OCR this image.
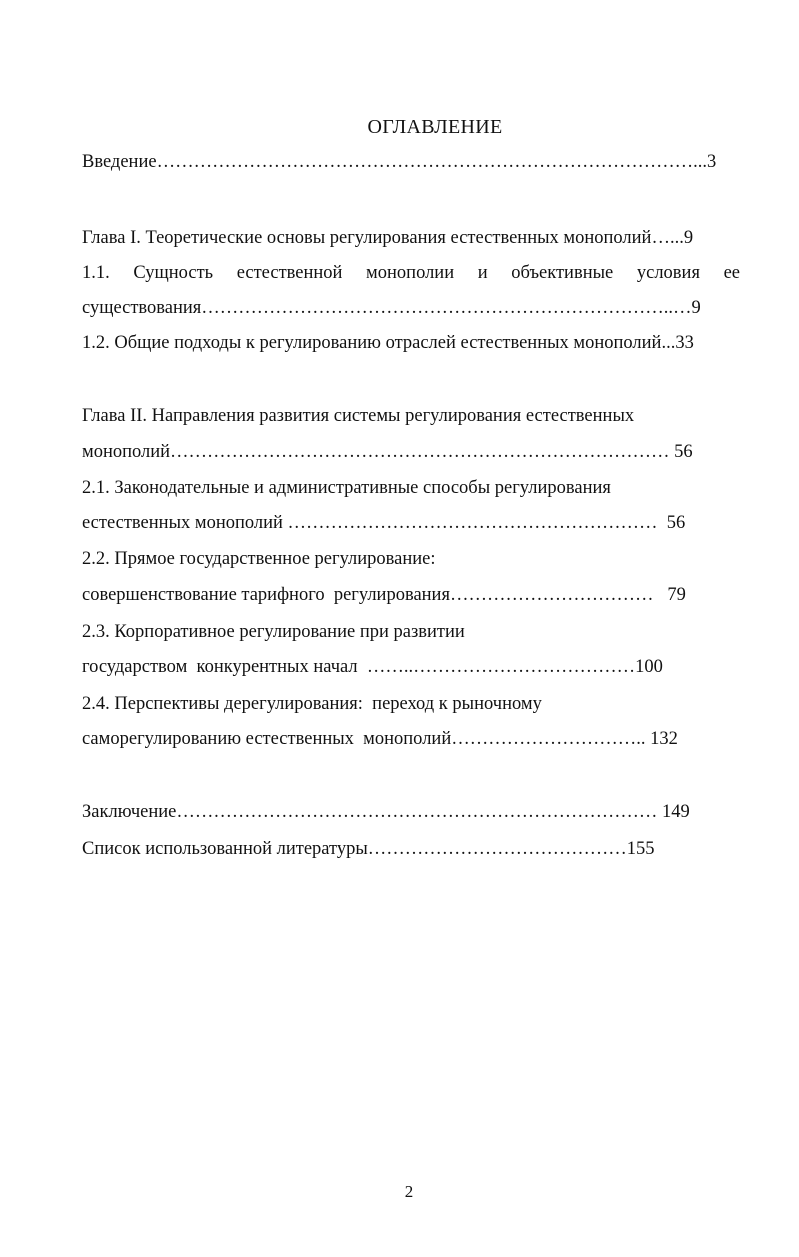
ОГЛАВЛЕНИЕ
Введение……………………………………………………………………………...3
Глава I. Теоретические основы регулирования естественных монополий…...9
1.1. Сущность естественной монополии и объективные условия ее
существования…………………………………………………………………..…9
1.2. Общие подходы к регулированию отраслей естественных монополий...33
Глава II. Направления развития системы регулирования естественных
монополий……………………………………………………………………… 56
2.1. Законодательные и административные способы регулирования
естественных монополий ……………………………………………………  56
2.2. Прямое государственное регулирование:
совершенствование тарифного  регулирования……………………………   79
2.3. Корпоративное регулирование при развитии
государством  конкурентных начал  ……..………………………………100
2.4. Перспективы дерегулирования:  переход к рыночному
саморегулированию естественных  монополий………………………….. 132
Заключение…………………………………………………………………… 149
Список использованной литературы……………………………………155
2
